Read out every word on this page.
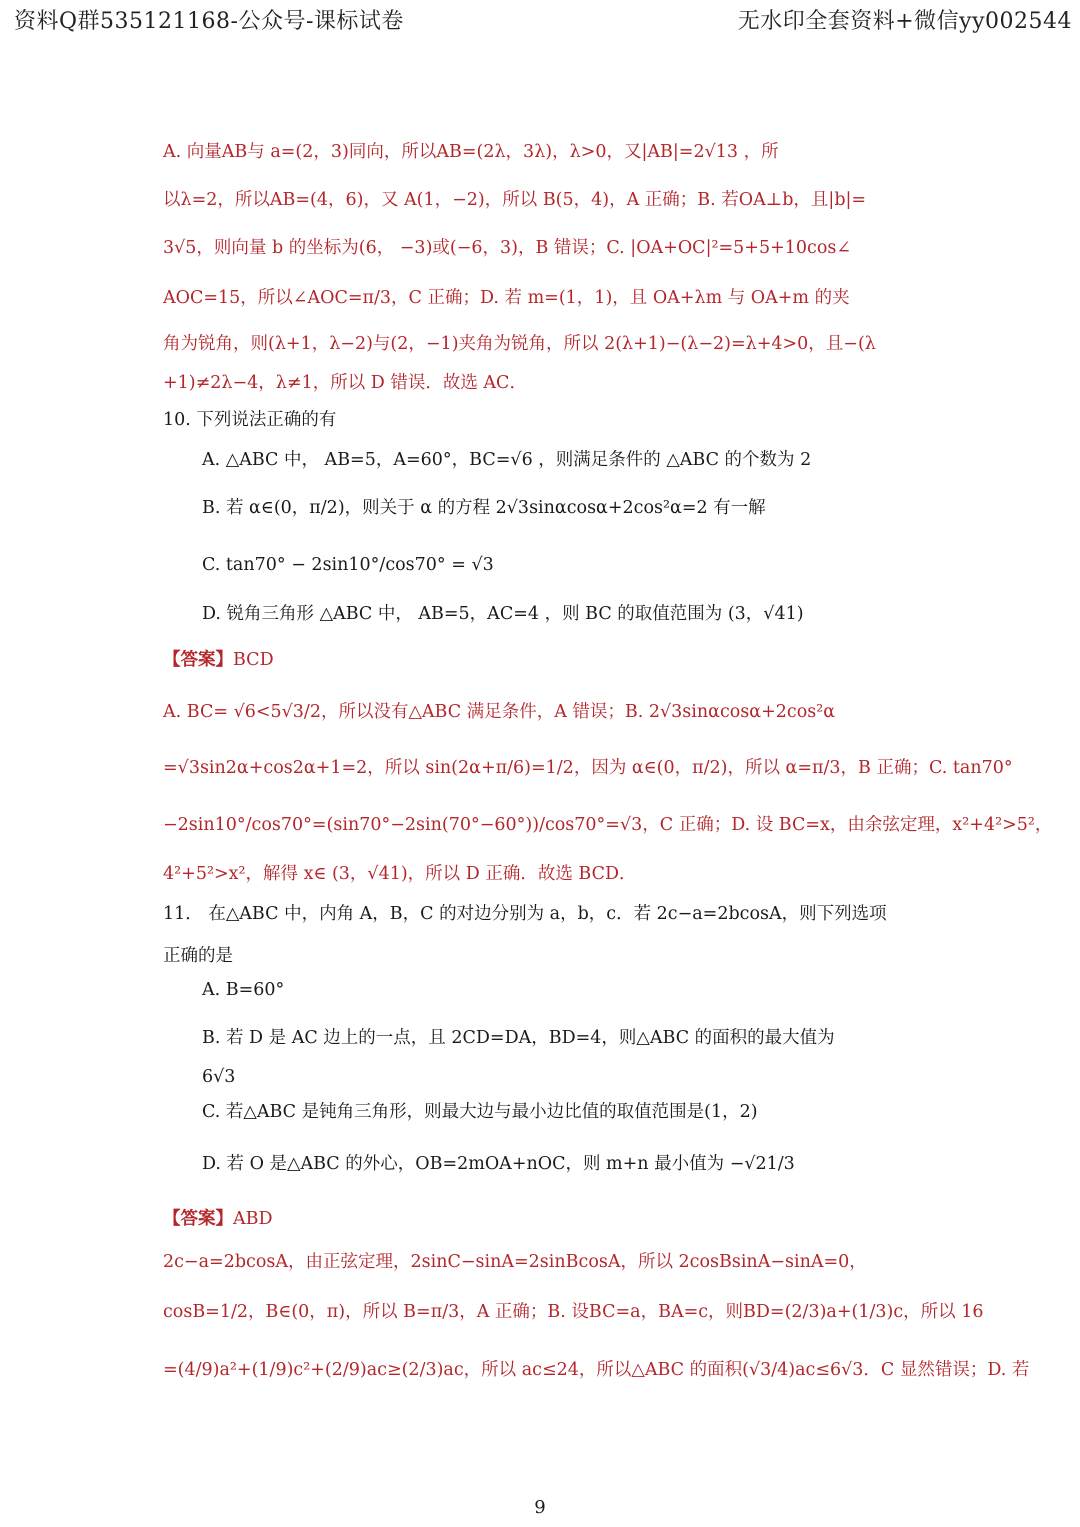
资料Q群535121168-公众号-课标试卷	无水印全套资料+微信yy002544
A. 向量AB与 a=(2，3)同向，所以AB=(2λ，3λ)，λ>0，又|AB|=2√13 ，所
以λ=2，所以AB=(4，6)，又 A(1，−2)，所以 B(5，4)，A 正确；B. 若OA⊥b，且|b|=
3√5，则向量 b 的坐标为(6， −3)或(−6，3)，B 错误；C. |OA+OC|²=5+5+10cos∠
AOC=15，所以∠AOC=π/3，C 正确；D. 若 m=(1，1)，且 OA+λm 与 OA+m 的夹
角为锐角，则(λ+1，λ−2)与(2，−1)夹角为锐角，所以 2(λ+1)−(λ−2)=λ+4>0，且−(λ
+1)≠2λ−4，λ≠1，所以 D 错误．故选 AC．
10. 下列说法正确的有
A. △ABC 中， AB=5，A=60°，BC=√6 ，则满足条件的 △ABC 的个数为 2
B. 若 α∈(0，π/2)，则关于 α 的方程 2√3sinαcosα+2cos²α=2 有一解
C. tan70° − 2sin10°/cos70° = √3
D. 锐角三角形 △ABC 中， AB=5，AC=4 ，则 BC 的取值范围为 (3，√41)
【答案】BCD
A. BC= √6<5√3/2，所以没有△ABC 满足条件，A 错误；B. 2√3sinαcosα+2cos²α
=√3sin2α+cos2α+1=2，所以 sin(2α+π/6)=1/2，因为 α∈(0，π/2)，所以 α=π/3，B 正确；C. tan70°
−2sin10°/cos70°=(sin70°−2sin(70°−60°))/cos70°=√3，C 正确；D. 设 BC=x，由余弦定理，x²+4²>5²，
4²+5²>x²，解得 x∈ (3，√41)，所以 D 正确．故选 BCD．
11． 在△ABC 中，内角 A，B，C 的对边分别为 a，b，c．若 2c−a=2bcosA，则下列选项
正确的是
A. B=60°
B. 若 D 是 AC 边上的一点，且 2CD=DA，BD=4，则△ABC 的面积的最大值为
6√3
C. 若△ABC 是钝角三角形，则最大边与最小边比值的取值范围是(1，2)
D. 若 O 是△ABC 的外心，OB=2mOA+nOC，则 m+n 最小值为 −√21/3
【答案】ABD
2c−a=2bcosA，由正弦定理，2sinC−sinA=2sinBcosA，所以 2cosBsinA−sinA=0，
cosB=1/2，B∈(0，π)，所以 B=π/3，A 正确；B. 设BC=a，BA=c，则BD=(2/3)a+(1/3)c，所以 16
=(4/9)a²+(1/9)c²+(2/9)ac≥(2/3)ac，所以 ac≤24，所以△ABC 的面积(√3/4)ac≤6√3．C 显然错误；D. 若
9
